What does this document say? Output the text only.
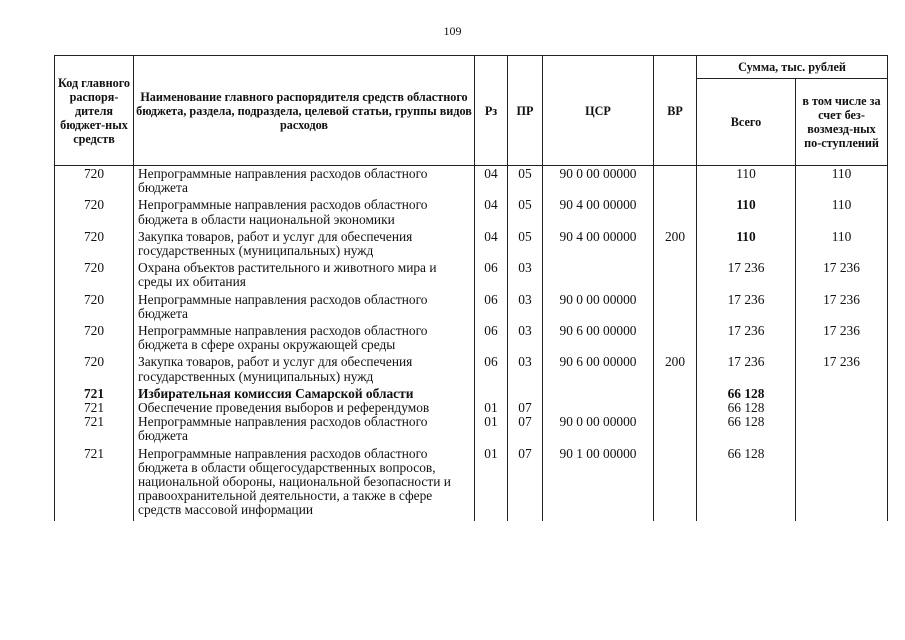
109
Код главного распоря-дителя бюджет-ных средств	Наименование главного распорядителя средств областного бюджета, раздела, подраздела, целевой статьи, группы видов расходов	Рз	ПР	ЦСР	ВР	Сумма, тыс. рублей	
						Всего	в том числе за счет без-возмезд-ных по-ступлений
720	Непрограммные направления расходов областного бюджета	04	05	90 0 00 00000		110	110
720	Непрограммные направления расходов областного бюджета в области национальной экономики	04	05	90 4 00 00000		110	110
720	Закупка товаров, работ и услуг для обеспечения государственных (муниципальных) нужд	04	05	90 4 00 00000	200	110	110
720	Охрана объектов растительного и животного мира и среды их обитания	06	03			17 236	17 236
720	Непрограммные направления расходов областного бюджета	06	03	90 0 00 00000		17 236	17 236
720	Непрограммные направления расходов областного бюджета в сфере охраны окружающей среды	06	03	90 6 00 00000		17 236	17 236
720	Закупка товаров, работ и услуг для обеспечения государственных (муниципальных) нужд	06	03	90 6 00 00000	200	17 236	17 236
721	Избирательная комиссия Самарской области					66 128	
721	Обеспечение проведения выборов и референдумов	01	07			66 128	
721	Непрограммные направления расходов областного бюджета	01	07	90 0 00 00000		66 128	
721	Непрограммные направления расходов областного бюджета в области общегосударственных вопросов, национальной обороны, национальной безопасности и правоохранительной деятельности, а также в сфере средств массовой информации	01	07	90 1 00 00000		66 128	
